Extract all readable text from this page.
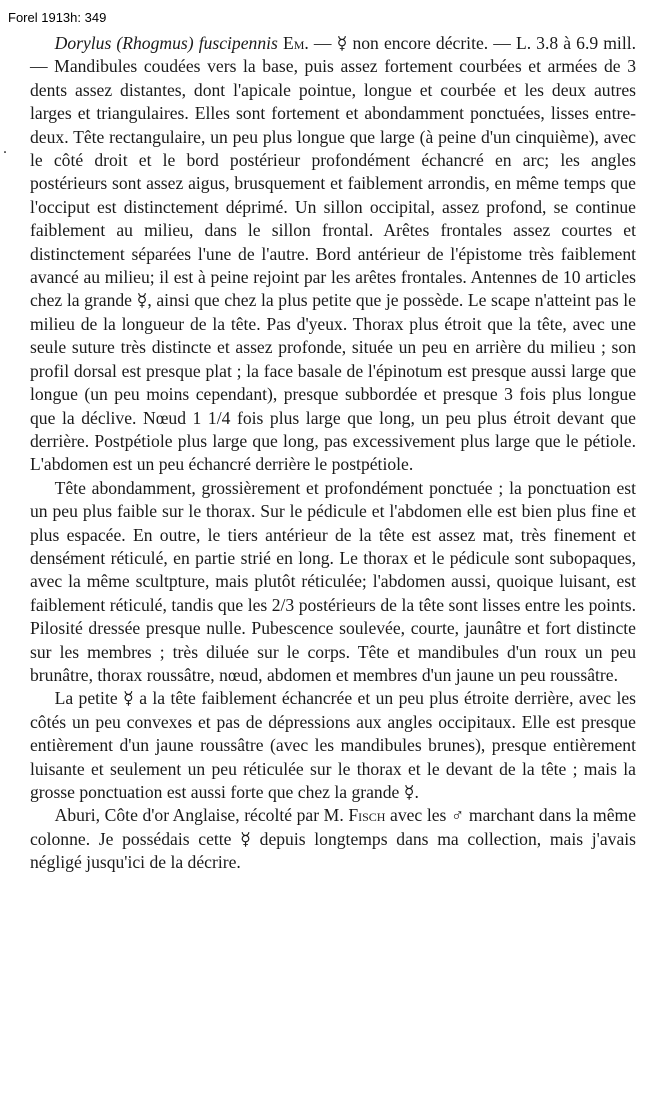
Forel 1913h: 349
.

Dorylus (Rhogmus) fuscipennis Em. — ☿ non encore décrite. — L. 3.8 à 6.9 mill. — Mandibules coudées vers la base, puis assez fortement courbées et armées de 3 dents assez distantes, dont l'apicale pointue, longue et courbée et les deux autres larges et triangulaires. Elles sont fortement et abondamment ponctuées, lisses entre-deux. Tête rectangulaire, un peu plus longue que large (à peine d'un cinquième), avec le côté droit et le bord postérieur profondément échancré en arc; les angles postérieurs sont assez aigus, brusquement et faiblement arrondis, en même temps que l'occiput est distinctement déprimé. Un sillon occipital, assez profond, se continue faiblement au milieu, dans le sillon frontal. Arêtes frontales assez courtes et distinctement séparées l'une de l'autre. Bord antérieur de l'épistome très faiblement avancé au milieu; il est à peine rejoint par les arêtes frontales. Antennes de 10 articles chez la grande ☿, ainsi que chez la plus petite que je possède. Le scape n'atteint pas le milieu de la longueur de la tête. Pas d'yeux. Thorax plus étroit que la tête, avec une seule suture très distincte et assez profonde, située un peu en arrière du milieu ; son profil dorsal est presque plat ; la face basale de l'épinotum est presque aussi large que longue (un peu moins cependant), presque subbordée et presque 3 fois plus longue que la déclive. Nœud 1 1/4 fois plus large que long, un peu plus étroit devant que derrière. Postpétiole plus large que long, pas excessivement plus large que le pétiole. L'abdomen est un peu échancré derrière le postpétiole.

Tête abondamment, grossièrement et profondément ponctuée ; la ponctuation est un peu plus faible sur le thorax. Sur le pédicule et l'abdomen elle est bien plus fine et plus espacée. En outre, le tiers antérieur de la tête est assez mat, très finement et densément réticulé, en partie strié en long. Le thorax et le pédicule sont subopaques, avec la même scultpture, mais plutôt réticulée; l'abdomen aussi, quoique luisant, est faiblement réticulé, tandis que les 2/3 postérieurs de la tête sont lisses entre les points. Pilosité dressée presque nulle. Pubescence soulevée, courte, jaunâtre et fort distincte sur les membres ; très diluée sur le corps. Tête et mandibules d'un roux un peu brunâtre, thorax roussâtre, nœud, abdomen et membres d'un jaune un peu roussâtre.

La petite ☿ a la tête faiblement échancrée et un peu plus étroite derrière, avec les côtés un peu convexes et pas de dépressions aux angles occipitaux. Elle est presque entièrement d'un jaune roussâtre (avec les mandibules brunes), presque entièrement luisante et seulement un peu réticulée sur le thorax et le devant de la tête ; mais la grosse ponctuation est aussi forte que chez la grande ☿.

Aburi, Côte d'or Anglaise, récolté par M. Fisch avec les ♂ marchant dans la même colonne. Je possédais cette ☿ depuis longtemps dans ma collection, mais j'avais négligé jusqu'ici de la décrire.
